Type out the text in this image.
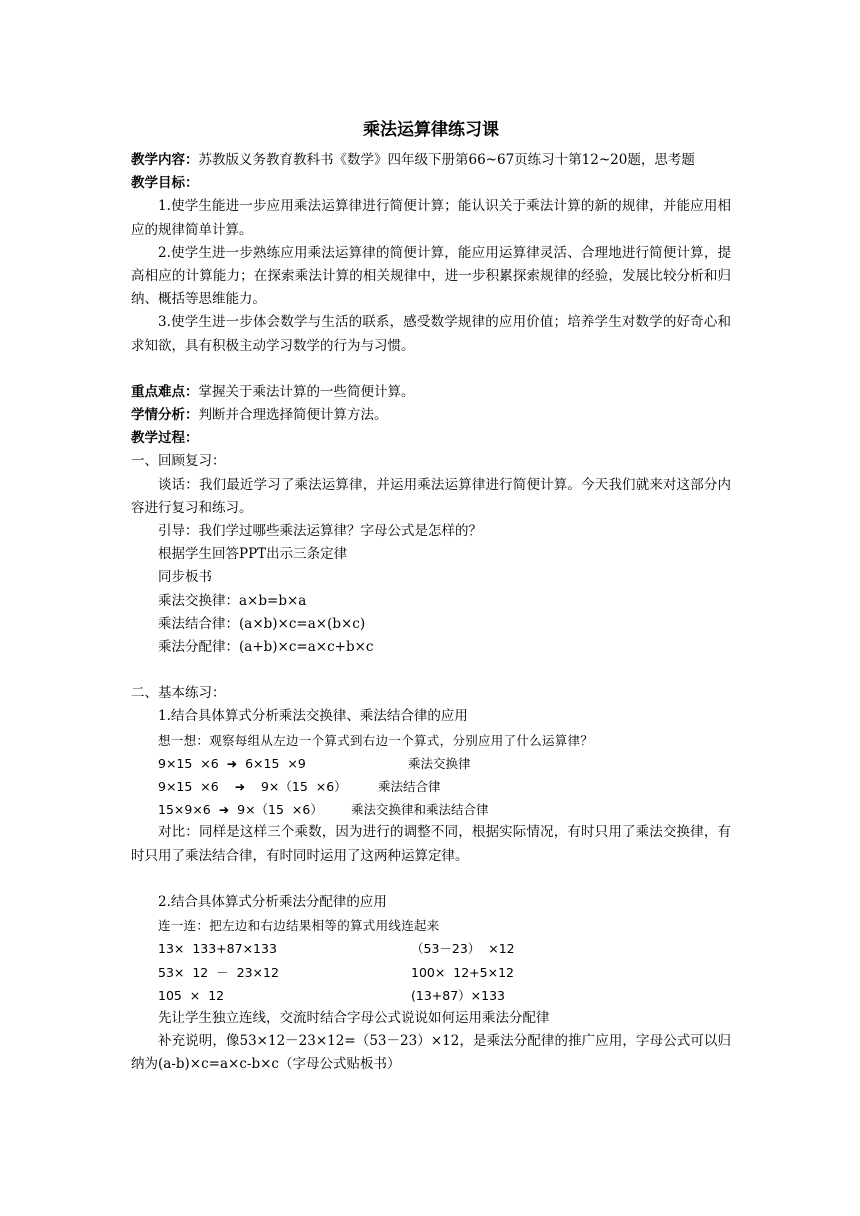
乘法运算律练习课

教学内容：苏教版义务教育教科书《数学》四年级下册第66~67页练习十第12~20题，思考题

教学目标：

1.使学生能进一步应用乘法运算律进行简便计算；能认识关于乘法计算的新的规律，并能应用相应的规律简单计算。

2.使学生进一步熟练应用乘法运算律的简便计算，能应用运算律灵活、合理地进行简便计算，提高相应的计算能力；在探索乘法计算的相关规律中，进一步积累探索规律的经验，发展比较分析和归纳、概括等思维能力。

3.使学生进一步体会数学与生活的联系，感受数学规律的应用价值；培养学生对数学的好奇心和求知欲，具有积极主动学习数学的行为与习惯。

重点难点：掌握关于乘法计算的一些简便计算。

学情分析：判断并合理选择简便计算方法。

教学过程：

一、回顾复习：

谈话：我们最近学习了乘法运算律，并运用乘法运算律进行简便计算。今天我们就来对这部分内容进行复习和练习。

引导：我们学过哪些乘法运算律？字母公式是怎样的？

根据学生回答PPT出示三条定律

同步板书

乘法交换律：a×b=b×a

乘法结合律：(a×b)×c=a×(b×c)

乘法分配律：(a+b)×c=a×c+b×c

二、基本练习：

1.结合具体算式分析乘法交换律、乘法结合律的应用

想一想：观察每组从左边一个算式到右边一个算式，分别应用了什么运算律？

9×15  ×6  ➜  6×15  ×9	乘法交换律
9×15  ×6    ➜    9×（15  ×6）	乘法结合律
15×9×6  ➜  9×（15  ×6）	乘法交换律和乘法结合律

对比：同样是这样三个乘数，因为进行的调整不同，根据实际情况，有时只用了乘法交换律，有时只用了乘法结合律，有时同时运用了这两种运算定律。

2.结合具体算式分析乘法分配律的应用

连一连：把左边和右边结果相等的算式用线连起来

13×  133+87×133	（53－23）  ×12
53×  12  －  23×12	100×  12+5×12
105  ×  12	(13+87）×133

先让学生独立连线，交流时结合字母公式说说如何运用乘法分配律

补充说明，像53×12－23×12=（53－23）×12，是乘法分配律的推广应用，字母公式可以归纳为(a-b)×c=a×c-b×c（字母公式贴板书）
